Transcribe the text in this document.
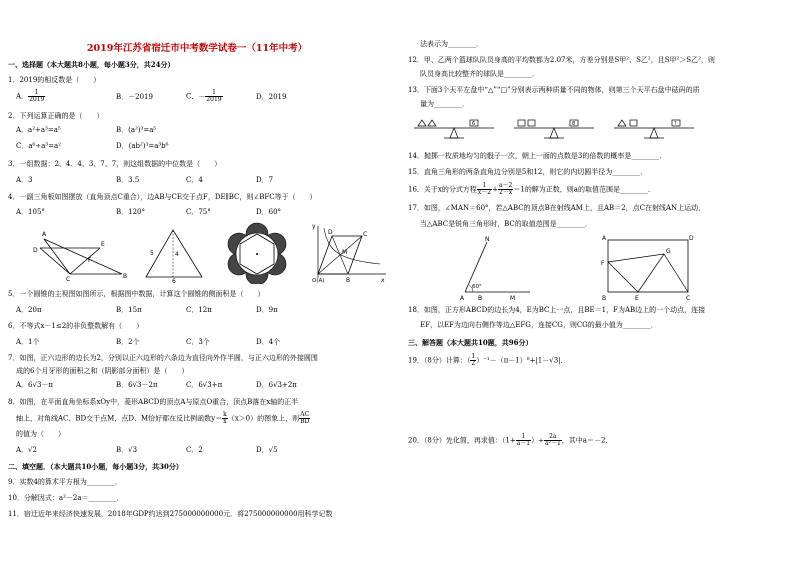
2019年江苏省宿迁市中考数学试卷一（11年中考）
一、选择题（本大题共8小题，每小题3分，共24分）
1．2019的相反数是（　　）
A． $\frac{1}{2019}$	B．－2019	C．－ $\frac{1}{2019}$	D．2019
2．下列运算正确的是（　　）
A．a²+a³=a⁵	B．(a²)³=a⁵
C．a⁶÷a³=a²	D．(ab²)³=a³b⁶
3．一组数据：2、4、4、3、7、7，则这组数据的中位数是（　　）
A．3	B．3.5	C．4	D．7
4．一副三角板如图摆放（直角顶点C重合），边AB与CE交于点F，DE∥BC，则∠BFC等于（　　）
A．105°	B．120°	C．75°	D．60°
D
A
E
F
C	B
5	4
6
y
O(A)
D	C
M
B	x
5．一个圆锥的主视图如图所示，根据图中数据，计算这个圆锥的侧面积是（　　）
A．20π	B．15π	C．12π	D．9π
6．不等式x－1≤2的非负整数解有（　　）
A．1个	B．2个	C．3个	D．4个
7．如图，正六边形的边长为2，分别以正六边形的六条边为直径向外作半圆，与正六边形的外接圆围
成的6个月牙形的面积之和（阴影部分面积）是（　　）
A．6√3－π	B．6√3－2π	C．6√3+π	D．6√3+2π
8．如图，在平面直角坐标系xOy中，菱形ABCD的顶点A与原点O重合，顶点B落在x轴的正半
轴上，对角线AC、BD交于点M，点D、M恰好都在反比例函数$y= \frac{k}{x} (x>0)$的图象上，则 $\frac{AC}{BD}$
的值为（　　）
A．√2	B．√3	C．2	D．√5
二、填空题．（本大题共10小题，每小题3分，共30分）
9．实数4的算术平方根为________．
10．分解因式：a²－2a＝________．
11．宿迁近年来经济快速发展，2018年GDP约达到275000000000元．将275000000000用科学记数
法表示为________．
12．甲、乙两个篮球队队员身高的平均数都为2.07米，方差分别是S甲²、S乙²，且S甲²＞S乙²，则
队员身高比较整齐的球队是________．
13．下面3个天平左盘中“△”“□”分别表示两种质量不同的物体，则第三个天平右盘中砝码的质
量为________．
6	8	?
14．抛掷一枚质地均匀的骰子一次，朝上一面的点数是3的倍数的概率是________．
15．直角三角形的两条直角边分别是5和12，则它的内切圆半径为________．
16．关于x的分式方程 $\frac{1}{x-2} + \frac{a-2}{2-x} =1$的解为正数，则a的取值范围是________．
17．如图，∠MAN＝60°，若△ABC的顶点B在射线AM上，且AB＝2，点C在射线AN上运动，
当△ABC是锐角三角形时，BC的取值范围是________．
N
60°
A B	M
A	D
F
G
B	E	C
18．如图，正方形ABCD的边长为4，E为BC上一点，且BE＝1，F为AB边上的一个动点，连接
EF，以EF为边向右侧作等边△EFG，连接CG，则CG的最小值为________．
三、解答题（本大题共10题，共96分）
19．（8分）计算：（ $\frac{1}{2} )^{-1}-(\pi-1)^0+|1-√3|$．
20．（8分）先化简，再求值：（$1+ \frac{1}{a-1}$ ）÷ $\frac{2a}{\text{a²－1}}$ ，其中a＝－2．
